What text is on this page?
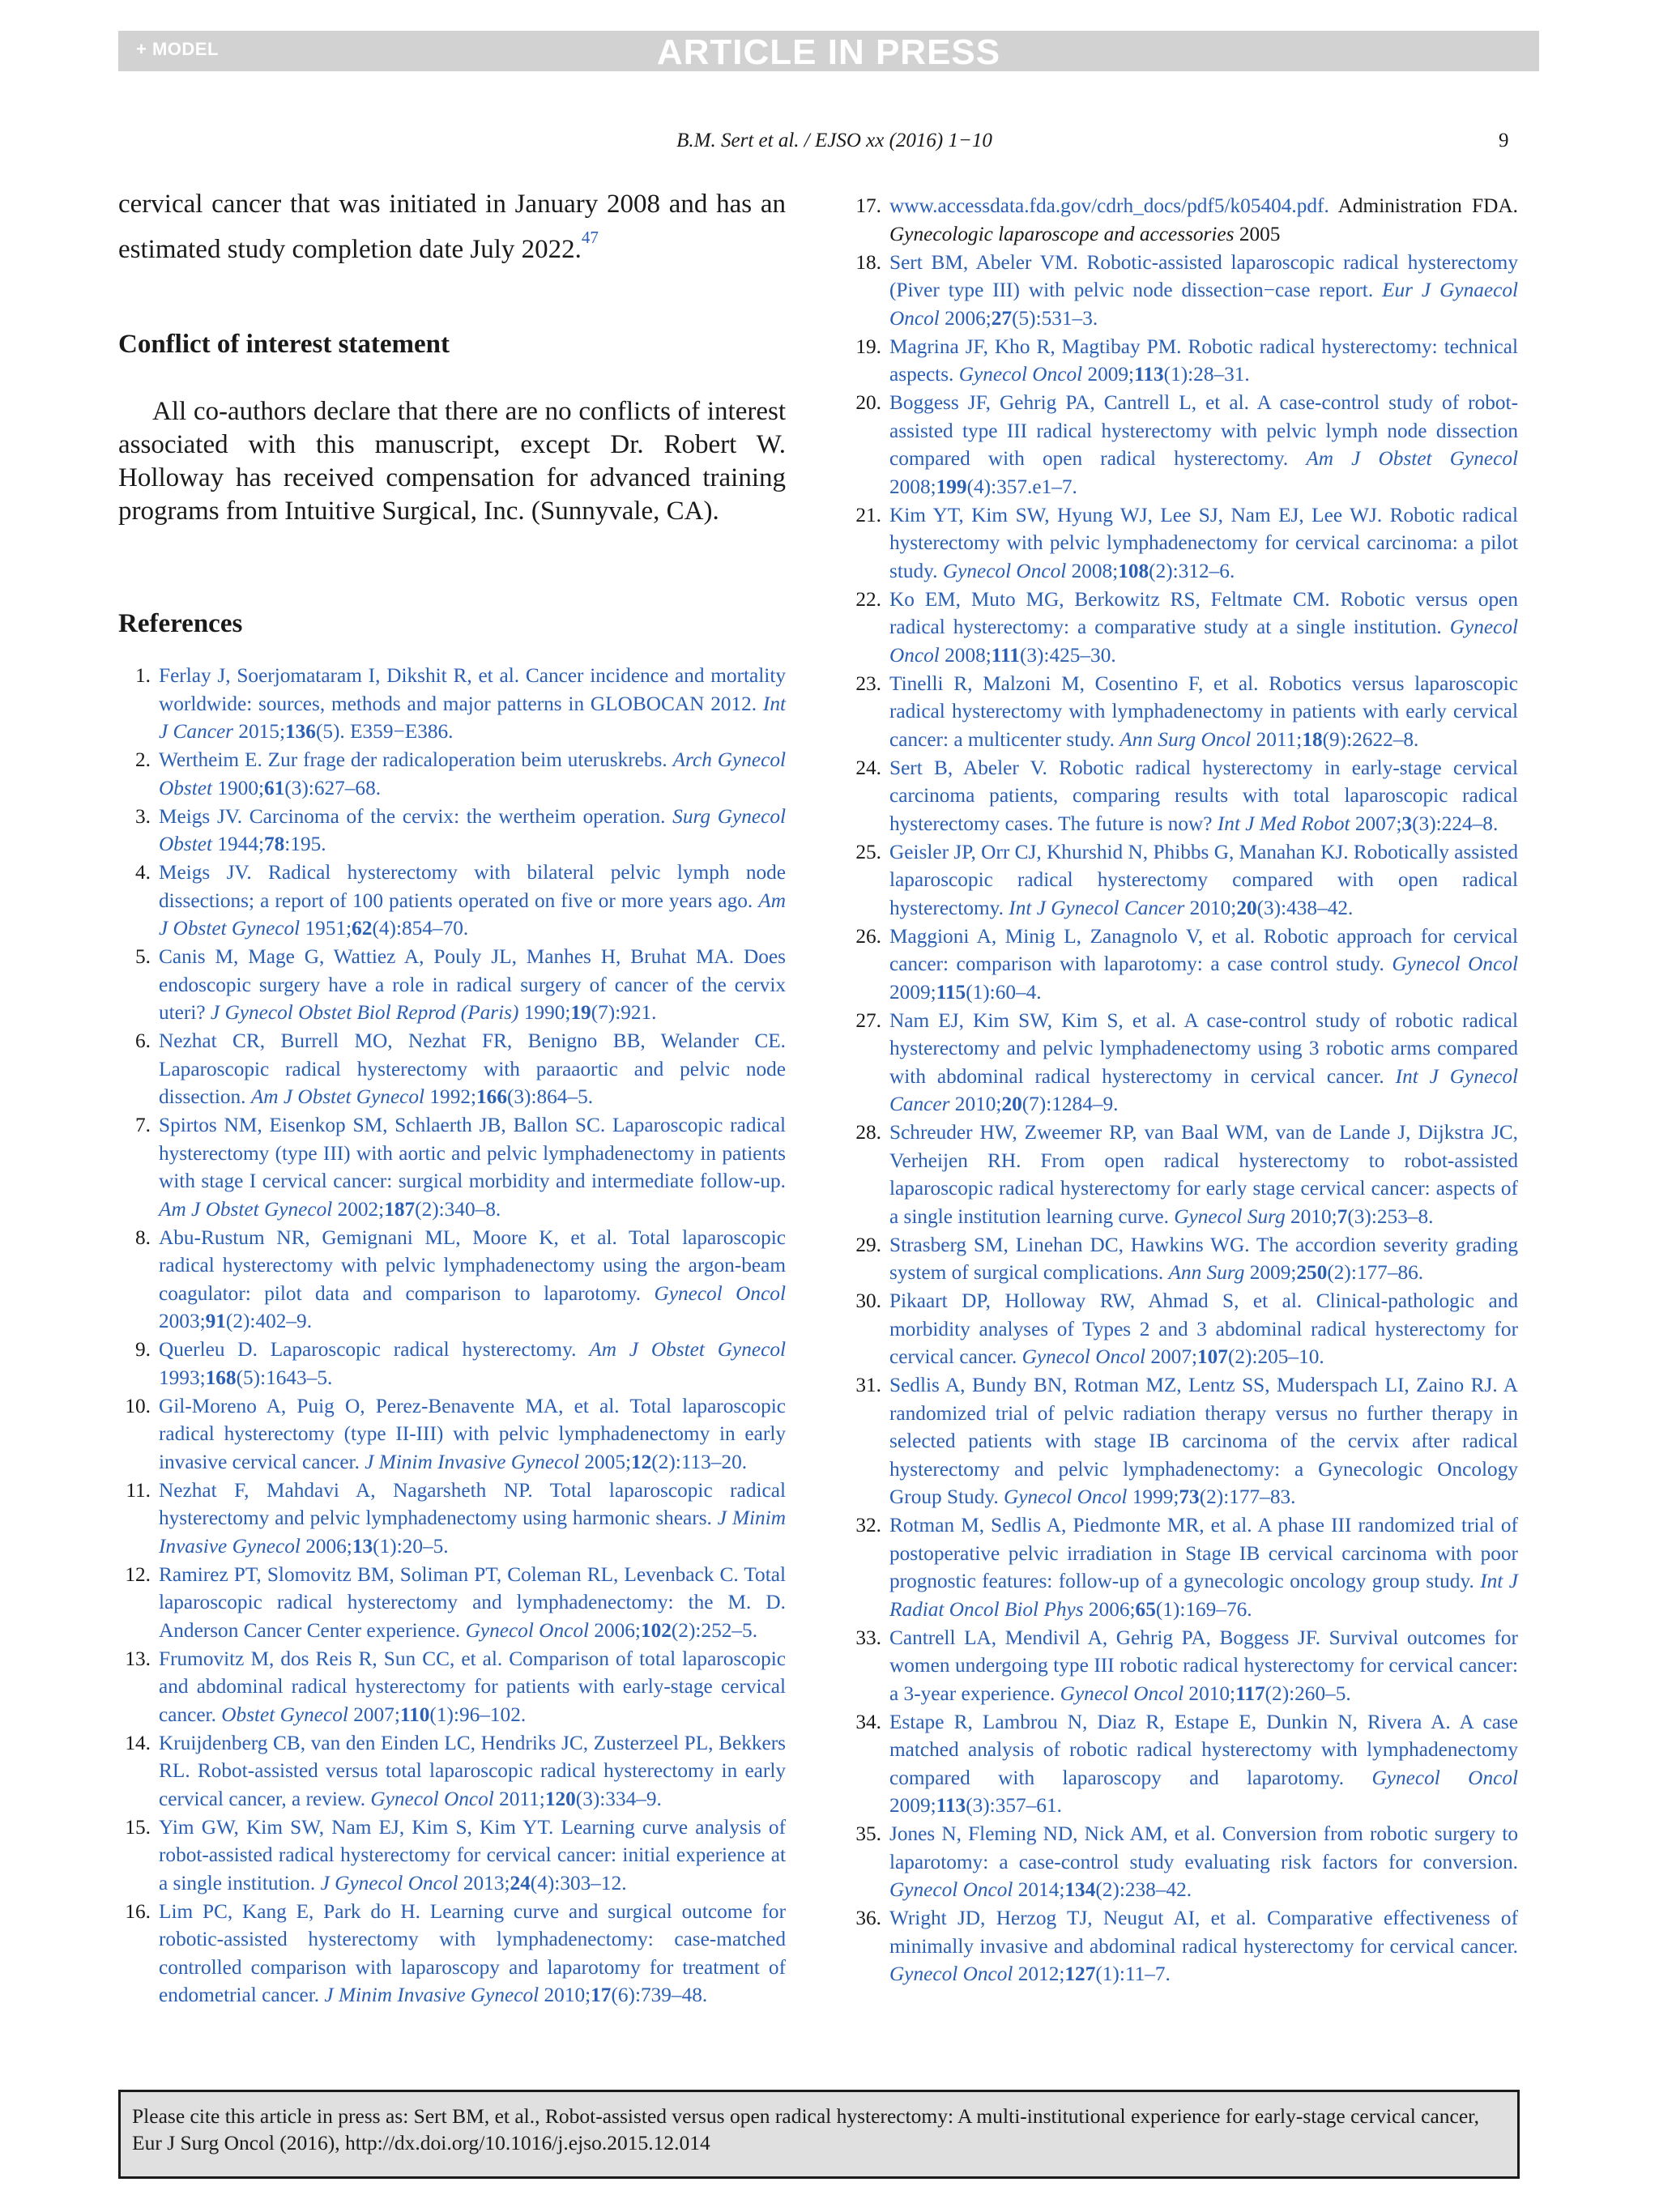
+ MODEL	ARTICLE IN PRESS
B.M. Sert et al. / EJSO xx (2016) 1−10	9

cervical cancer that was initiated in January 2008 and has an estimated study completion date July 2022.47

Conflict of interest statement

All co-authors declare that there are no conflicts of interest associated with this manuscript, except Dr. Robert W. Holloway has received compensation for advanced training programs from Intuitive Surgical, Inc. (Sunnyvale, CA).

References

1. Ferlay J, Soerjomataram I, Dikshit R, et al. Cancer incidence and mortality worldwide: sources, methods and major patterns in GLOBOCAN 2012. Int J Cancer 2015;136(5). E359−E386.
2. Wertheim E. Zur frage der radicaloperation beim uteruskrebs. Arch Gynecol Obstet 1900;61(3):627–68.
3. Meigs JV. Carcinoma of the cervix: the wertheim operation. Surg Gynecol Obstet 1944;78:195.
4. Meigs JV. Radical hysterectomy with bilateral pelvic lymph node dissections; a report of 100 patients operated on five or more years ago. Am J Obstet Gynecol 1951;62(4):854–70.
5. Canis M, Mage G, Wattiez A, Pouly JL, Manhes H, Bruhat MA. Does endoscopic surgery have a role in radical surgery of cancer of the cervix uteri? J Gynecol Obstet Biol Reprod (Paris) 1990;19(7):921.
6. Nezhat CR, Burrell MO, Nezhat FR, Benigno BB, Welander CE. Laparoscopic radical hysterectomy with paraaortic and pelvic node dissection. Am J Obstet Gynecol 1992;166(3):864–5.
7. Spirtos NM, Eisenkop SM, Schlaerth JB, Ballon SC. Laparoscopic radical hysterectomy (type III) with aortic and pelvic lymphadenectomy in patients with stage I cervical cancer: surgical morbidity and intermediate follow-up. Am J Obstet Gynecol 2002;187(2):340–8.
8. Abu-Rustum NR, Gemignani ML, Moore K, et al. Total laparoscopic radical hysterectomy with pelvic lymphadenectomy using the argon-beam coagulator: pilot data and comparison to laparotomy. Gynecol Oncol 2003;91(2):402–9.
9. Querleu D. Laparoscopic radical hysterectomy. Am J Obstet Gynecol 1993;168(5):1643–5.
10. Gil-Moreno A, Puig O, Perez-Benavente MA, et al. Total laparoscopic radical hysterectomy (type II-III) with pelvic lymphadenectomy in early invasive cervical cancer. J Minim Invasive Gynecol 2005;12(2):113–20.
11. Nezhat F, Mahdavi A, Nagarsheth NP. Total laparoscopic radical hysterectomy and pelvic lymphadenectomy using harmonic shears. J Minim Invasive Gynecol 2006;13(1):20–5.
12. Ramirez PT, Slomovitz BM, Soliman PT, Coleman RL, Levenback C. Total laparoscopic radical hysterectomy and lymphadenectomy: the M. D. Anderson Cancer Center experience. Gynecol Oncol 2006;102(2):252–5.
13. Frumovitz M, dos Reis R, Sun CC, et al. Comparison of total laparoscopic and abdominal radical hysterectomy for patients with early-stage cervical cancer. Obstet Gynecol 2007;110(1):96–102.
14. Kruijdenberg CB, van den Einden LC, Hendriks JC, Zusterzeel PL, Bekkers RL. Robot-assisted versus total laparoscopic radical hysterectomy in early cervical cancer, a review. Gynecol Oncol 2011;120(3):334–9.
15. Yim GW, Kim SW, Nam EJ, Kim S, Kim YT. Learning curve analysis of robot-assisted radical hysterectomy for cervical cancer: initial experience at a single institution. J Gynecol Oncol 2013;24(4):303–12.
16. Lim PC, Kang E, Park do H. Learning curve and surgical outcome for robotic-assisted hysterectomy with lymphadenectomy: case-matched controlled comparison with laparoscopy and laparotomy for treatment of endometrial cancer. J Minim Invasive Gynecol 2010;17(6):739–48.
17. www.accessdata.fda.gov/cdrh_docs/pdf5/k05404.pdf. Administration FDA. Gynecologic laparoscope and accessories 2005
18. Sert BM, Abeler VM. Robotic-assisted laparoscopic radical hysterectomy (Piver type III) with pelvic node dissection−case report. Eur J Gynaecol Oncol 2006;27(5):531–3.
19. Magrina JF, Kho R, Magtibay PM. Robotic radical hysterectomy: technical aspects. Gynecol Oncol 2009;113(1):28–31.
20. Boggess JF, Gehrig PA, Cantrell L, et al. A case-control study of robot-assisted type III radical hysterectomy with pelvic lymph node dissection compared with open radical hysterectomy. Am J Obstet Gynecol 2008;199(4):357.e1–7.
21. Kim YT, Kim SW, Hyung WJ, Lee SJ, Nam EJ, Lee WJ. Robotic radical hysterectomy with pelvic lymphadenectomy for cervical carcinoma: a pilot study. Gynecol Oncol 2008;108(2):312–6.
22. Ko EM, Muto MG, Berkowitz RS, Feltmate CM. Robotic versus open radical hysterectomy: a comparative study at a single institution. Gynecol Oncol 2008;111(3):425–30.
23. Tinelli R, Malzoni M, Cosentino F, et al. Robotics versus laparoscopic radical hysterectomy with lymphadenectomy in patients with early cervical cancer: a multicenter study. Ann Surg Oncol 2011;18(9):2622–8.
24. Sert B, Abeler V. Robotic radical hysterectomy in early-stage cervical carcinoma patients, comparing results with total laparoscopic radical hysterectomy cases. The future is now? Int J Med Robot 2007;3(3):224–8.
25. Geisler JP, Orr CJ, Khurshid N, Phibbs G, Manahan KJ. Robotically assisted laparoscopic radical hysterectomy compared with open radical hysterectomy. Int J Gynecol Cancer 2010;20(3):438–42.
26. Maggioni A, Minig L, Zanagnolo V, et al. Robotic approach for cervical cancer: comparison with laparotomy: a case control study. Gynecol Oncol 2009;115(1):60–4.
27. Nam EJ, Kim SW, Kim S, et al. A case-control study of robotic radical hysterectomy and pelvic lymphadenectomy using 3 robotic arms compared with abdominal radical hysterectomy in cervical cancer. Int J Gynecol Cancer 2010;20(7):1284–9.
28. Schreuder HW, Zweemer RP, van Baal WM, van de Lande J, Dijkstra JC, Verheijen RH. From open radical hysterectomy to robot-assisted laparoscopic radical hysterectomy for early stage cervical cancer: aspects of a single institution learning curve. Gynecol Surg 2010;7(3):253–8.
29. Strasberg SM, Linehan DC, Hawkins WG. The accordion severity grading system of surgical complications. Ann Surg 2009;250(2):177–86.
30. Pikaart DP, Holloway RW, Ahmad S, et al. Clinical-pathologic and morbidity analyses of Types 2 and 3 abdominal radical hysterectomy for cervical cancer. Gynecol Oncol 2007;107(2):205–10.
31. Sedlis A, Bundy BN, Rotman MZ, Lentz SS, Muderspach LI, Zaino RJ. A randomized trial of pelvic radiation therapy versus no further therapy in selected patients with stage IB carcinoma of the cervix after radical hysterectomy and pelvic lymphadenectomy: a Gynecologic Oncology Group Study. Gynecol Oncol 1999;73(2):177–83.
32. Rotman M, Sedlis A, Piedmonte MR, et al. A phase III randomized trial of postoperative pelvic irradiation in Stage IB cervical carcinoma with poor prognostic features: follow-up of a gynecologic oncology group study. Int J Radiat Oncol Biol Phys 2006;65(1):169–76.
33. Cantrell LA, Mendivil A, Gehrig PA, Boggess JF. Survival outcomes for women undergoing type III robotic radical hysterectomy for cervical cancer: a 3-year experience. Gynecol Oncol 2010;117(2):260–5.
34. Estape R, Lambrou N, Diaz R, Estape E, Dunkin N, Rivera A. A case matched analysis of robotic radical hysterectomy with lymphadenectomy compared with laparoscopy and laparotomy. Gynecol Oncol 2009;113(3):357–61.
35. Jones N, Fleming ND, Nick AM, et al. Conversion from robotic surgery to laparotomy: a case-control study evaluating risk factors for conversion. Gynecol Oncol 2014;134(2):238–42.
36. Wright JD, Herzog TJ, Neugut AI, et al. Comparative effectiveness of minimally invasive and abdominal radical hysterectomy for cervical cancer. Gynecol Oncol 2012;127(1):11–7.
Please cite this article in press as: Sert BM, et al., Robot-assisted versus open radical hysterectomy: A multi-institutional experience for early-stage cervical cancer, Eur J Surg Oncol (2016), http://dx.doi.org/10.1016/j.ejso.2015.12.014
